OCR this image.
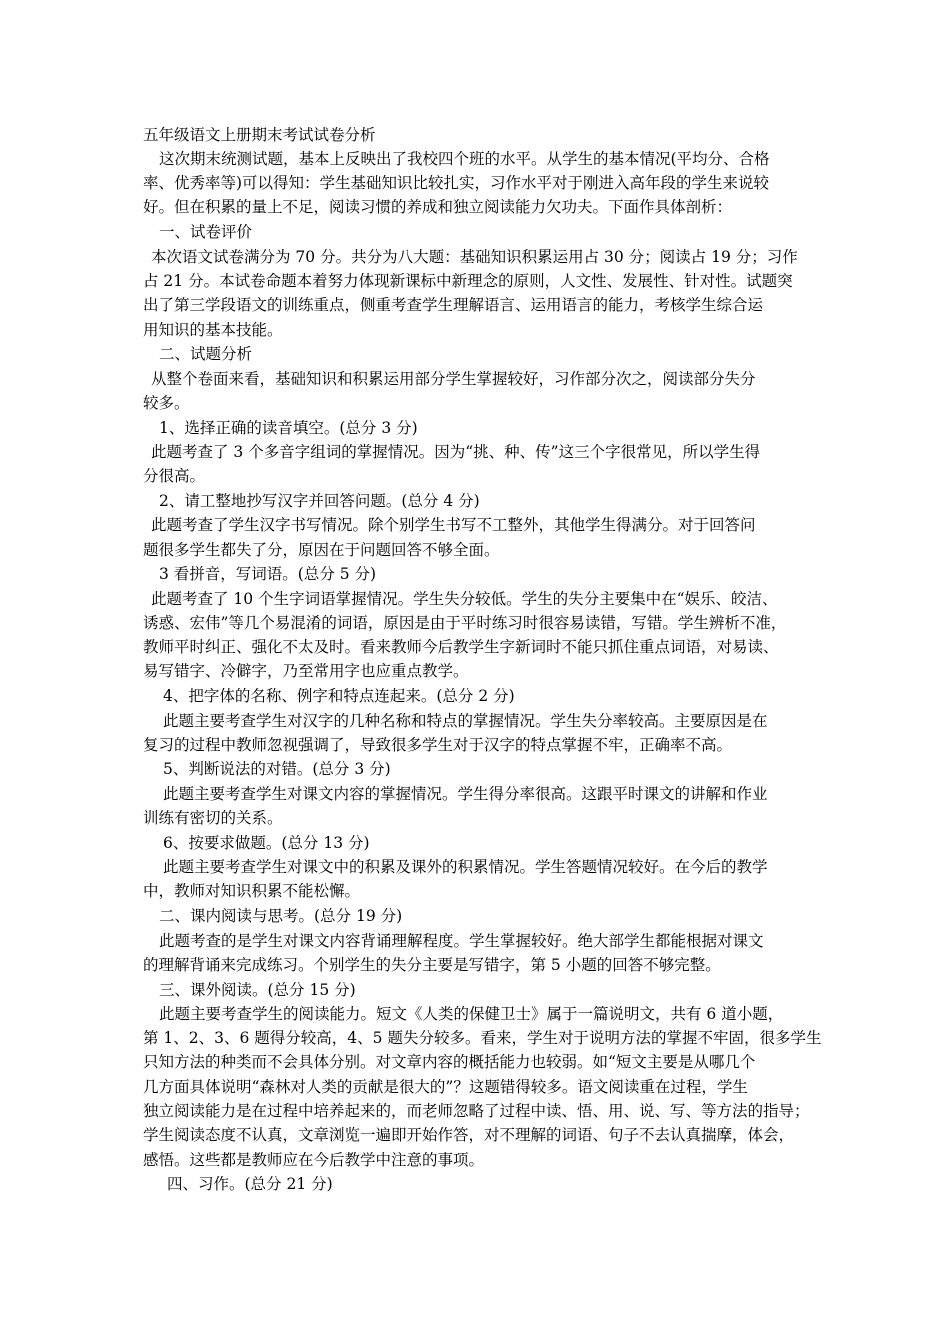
五年级语文上册期末考试试卷分析
这次期末统测试题，基本上反映出了我校四个班的水平。从学生的基本情况(平均分、合格
率、优秀率等)可以得知：学生基础知识比较扎实，习作水平对于刚进入高年段的学生来说较
好。但在积累的量上不足，阅读习惯的养成和独立阅读能力欠功夫。下面作具体剖析：
一、试卷评价
本次语文试卷满分为 70 分。共分为八大题：基础知识积累运用占 30 分；阅读占 19 分；习作
占 21 分。本试卷命题本着努力体现新课标中新理念的原则，人文性、发展性、针对性。试题突
出了第三学段语文的训练重点，侧重考查学生理解语言、运用语言的能力，考核学生综合运
用知识的基本技能。
二、试题分析
从整个卷面来看，基础知识和积累运用部分学生掌握较好，习作部分次之，阅读部分失分
较多。
1、选择正确的读音填空。(总分 3 分)
此题考查了 3 个多音字组词的掌握情况。因为“挑、种、传”这三个字很常见，所以学生得
分很高。
2、请工整地抄写汉字并回答问题。(总分 4 分)
此题考查了学生汉字书写情况。除个别学生书写不工整外，其他学生得满分。对于回答问
题很多学生都失了分，原因在于问题回答不够全面。
3 看拼音，写词语。(总分 5 分)
此题考查了 10 个生字词语掌握情况。学生失分较低。学生的失分主要集中在“娱乐、皎洁、
诱惑、宏伟”等几个易混淆的词语，原因是由于平时练习时很容易读错，写错。学生辨析不准，
教师平时纠正、强化不太及时。看来教师今后教学生字新词时不能只抓住重点词语，对易读、
易写错字、冷僻字，乃至常用字也应重点教学。
4、把字体的名称、例字和特点连起来。(总分 2 分)
此题主要考查学生对汉字的几种名称和特点的掌握情况。学生失分率较高。主要原因是在
复习的过程中教师忽视强调了，导致很多学生对于汉字的特点掌握不牢，正确率不高。
5、判断说法的对错。(总分 3 分)
此题主要考查学生对课文内容的掌握情况。学生得分率很高。这跟平时课文的讲解和作业
训练有密切的关系。
6、按要求做题。(总分 13 分)
此题主要考查学生对课文中的积累及课外的积累情况。学生答题情况较好。在今后的教学
中，教师对知识积累不能松懈。
二、课内阅读与思考。(总分 19 分)
此题考查的是学生对课文内容背诵理解程度。学生掌握较好。绝大部学生都能根据对课文
的理解背诵来完成练习。个别学生的失分主要是写错字，第 5 小题的回答不够完整。
三、课外阅读。(总分 15 分)
此题主要考查学生的阅读能力。短文《人类的保健卫士》属于一篇说明文，共有 6 道小题，
第 1、2、3、6 题得分较高，4、5 题失分较多。看来，学生对于说明方法的掌握不牢固，很多学生
只知方法的种类而不会具体分别。对文章内容的概括能力也较弱。如“短文主要是从哪几个
几方面具体说明“森林对人类的贡献是很大的”？这题错得较多。语文阅读重在过程，学生
独立阅读能力是在过程中培养起来的，而老师忽略了过程中读、悟、用、说、写、等方法的指导；
学生阅读态度不认真，文章浏览一遍即开始作答，对不理解的词语、句子不去认真揣摩，体会，
感悟。这些都是教师应在今后教学中注意的事项。
四、习作。(总分 21 分)
